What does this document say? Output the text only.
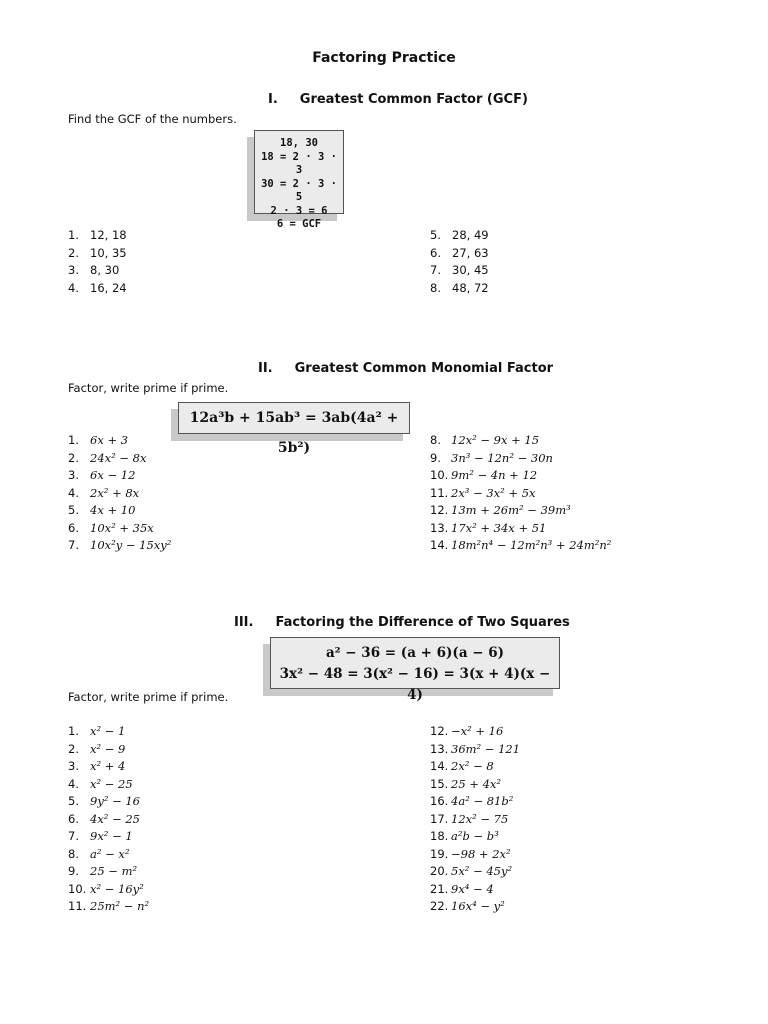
Factoring Practice
I. Greatest Common Factor (GCF)
Find the GCF of the numbers.
18, 30
18 = 2 · 3 · 3
30 = 2 · 3 · 5
2 · 3 = 6
6 = GCF
1. 12, 18
2. 10, 35
3. 8, 30
4. 16, 24
5. 28, 49
6. 27, 63
7. 30, 45
8. 48, 72
II. Greatest Common Monomial Factor
Factor, write prime if prime.
12a³b + 15ab³ = 3ab(4a² + 5b²)
1. 6x + 3
2. 24x² − 8x
3. 6x − 12
4. 2x² + 8x
5. 4x + 10
6. 10x² + 35x
7. 10x²y − 15xy²
8. 12x² − 9x + 15
9. 3n³ − 12n² − 30n
10. 9m² − 4n + 12
11. 2x³ − 3x² + 5x
12. 13m + 26m² − 39m³
13. 17x² + 34x + 51
14. 18m²n⁴ − 12m²n³ + 24m²n²
III. Factoring the Difference of Two Squares
a² − 36 = (a + 6)(a − 6)
3x² − 48 = 3(x² − 16) = 3(x + 4)(x − 4)
Factor, write prime if prime.
1. x² − 1
2. x² − 9
3. x² + 4
4. x² − 25
5. 9y² − 16
6. 4x² − 25
7. 9x² − 1
8. a² − x²
9. 25 − m²
10. x² − 16y²
11. 25m² − n²
12. −x² + 16
13. 36m² − 121
14. 2x² − 8
15. 25 + 4x²
16. 4a² − 81b²
17. 12x² − 75
18. a²b − b³
19. −98 + 2x²
20. 5x² − 45y²
21. 9x⁴ − 4
22. 16x⁴ − y²
